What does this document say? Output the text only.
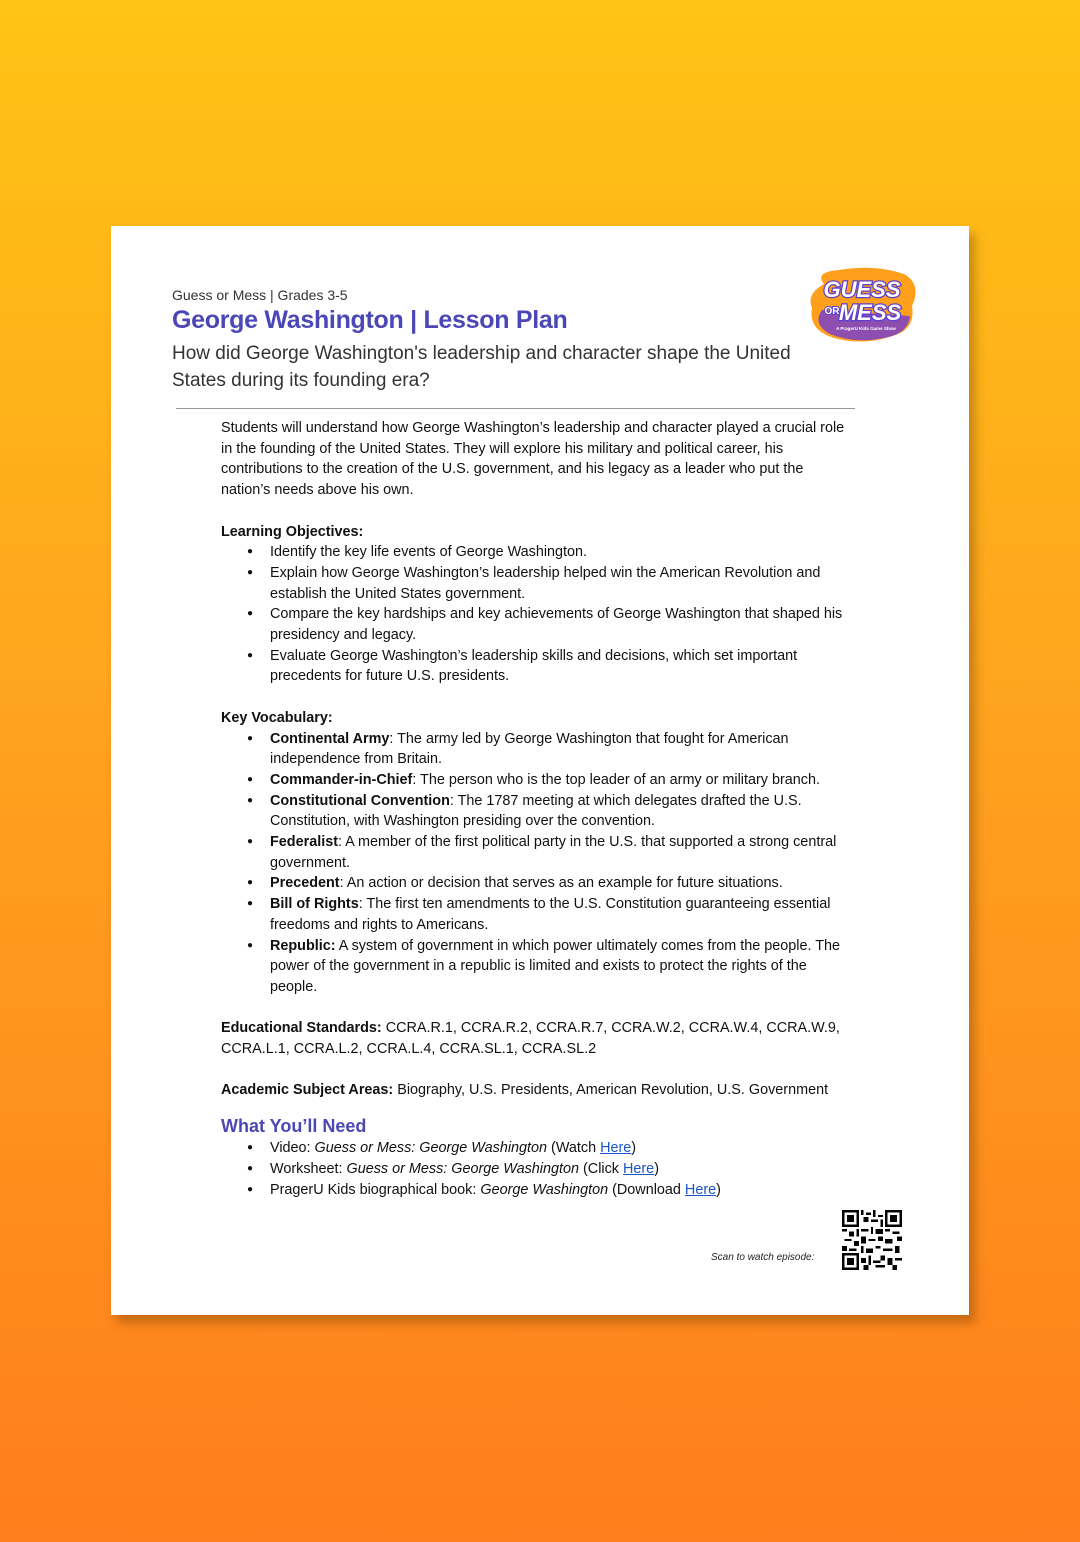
Guess or Mess | Grades 3-5
George Washington | Lesson Plan
How did George Washington's leadership and character shape the United States during its founding era?
GUESS
OR MESS
A PragerU Kids Game Show

Students will understand how George Washington’s leadership and character played a crucial role in the founding of the United States. They will explore his military and political career, his contributions to the creation of the U.S. government, and his legacy as a leader who put the nation’s needs above his own.

Learning Objectives:

● Identify the key life events of George Washington.
● Explain how George Washington’s leadership helped win the American Revolution and establish the United States government.
● Compare the key hardships and key achievements of George Washington that shaped his presidency and legacy.
● Evaluate George Washington’s leadership skills and decisions, which set important precedents for future U.S. presidents.

Key Vocabulary:

● Continental Army: The army led by George Washington that fought for American independence from Britain.
● Commander-in-Chief: The person who is the top leader of an army or military branch.
● Constitutional Convention: The 1787 meeting at which delegates drafted the U.S. Constitution, with Washington presiding over the convention.
● Federalist: A member of the first political party in the U.S. that supported a strong central government.
● Precedent: An action or decision that serves as an example for future situations.
● Bill of Rights: The first ten amendments to the U.S. Constitution guaranteeing essential freedoms and rights to Americans.
● Republic: A system of government in which power ultimately comes from the people. The power of the government in a republic is limited and exists to protect the rights of the people.

Educational Standards: CCRA.R.1, CCRA.R.2, CCRA.R.7, CCRA.W.2, CCRA.W.4, CCRA.W.9, CCRA.L.1, CCRA.L.2, CCRA.L.4, CCRA.SL.1, CCRA.SL.2

Academic Subject Areas: Biography, U.S. Presidents, American Revolution, U.S. Government

What You’ll Need
● Video: Guess or Mess: George Washington (Watch Here)
● Worksheet: Guess or Mess: George Washington (Click Here)
● PragerU Kids biographical book: George Washington (Download Here)
Scan to watch episode:
